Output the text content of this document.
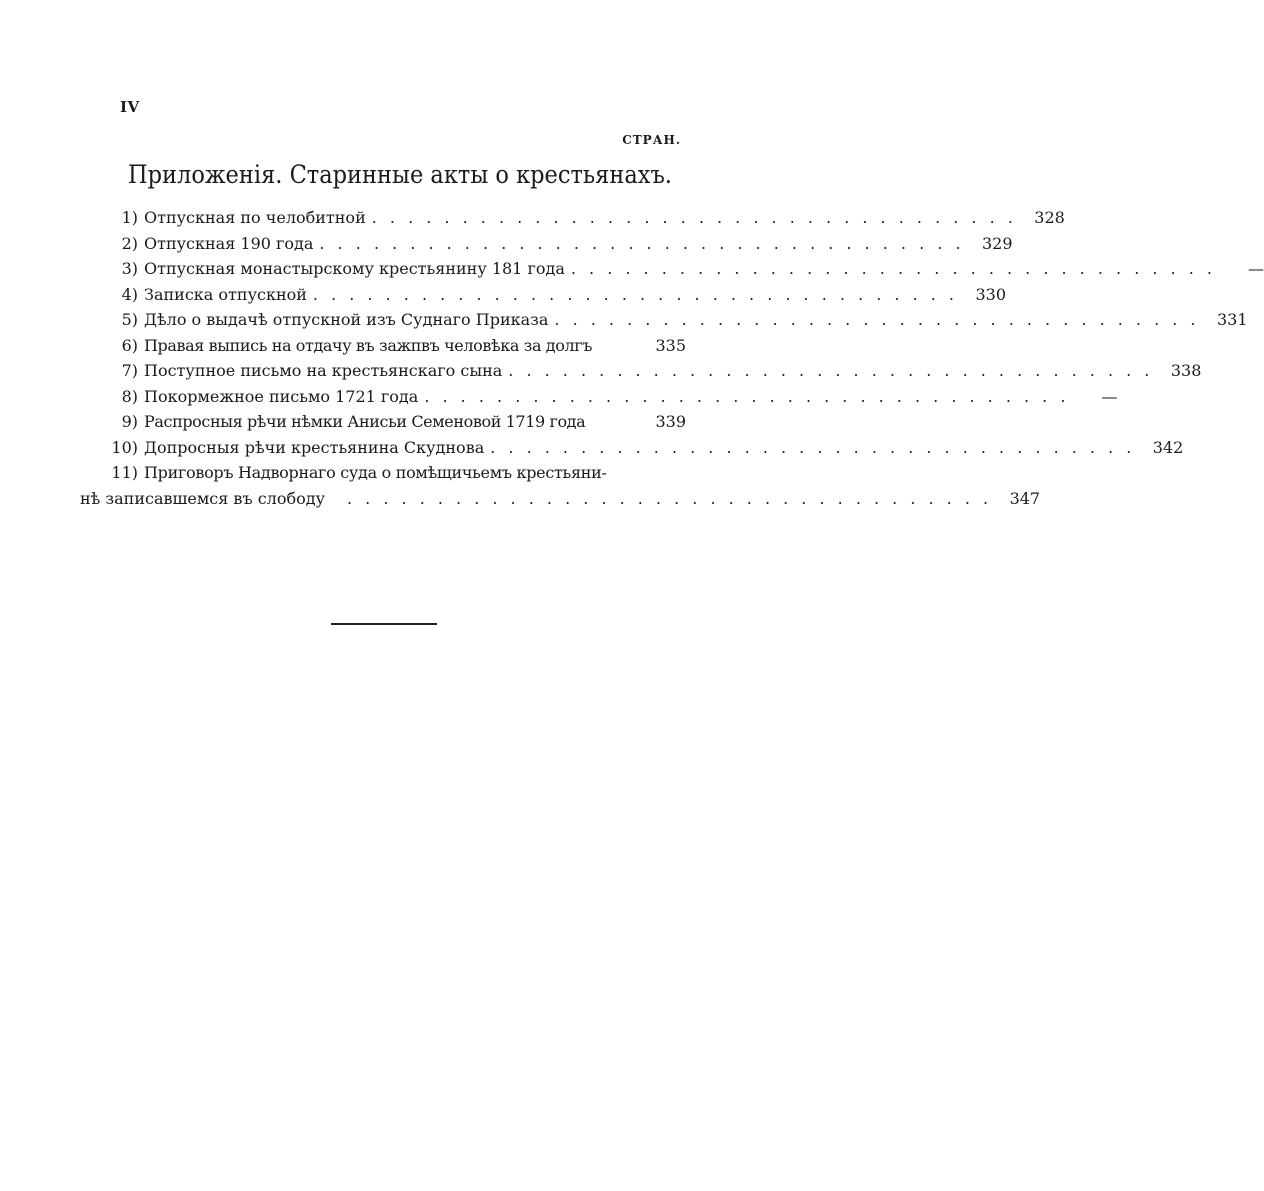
IV
СТРАН.
Приложенія. Старинные акты о крестьянахъ.
1) Отпускная по челобитной . . . . . . . . . . . . . . . . . . . . . . . . . . . . . . . . . . . .	328
2) Отпускная 190 года . . . . . . . . . . . . . . . . . . . . . . . . . . . . . . . . . . . .	329
3) Отпускная монастырскому крестьянину 181 года . . . . . . . . . . . . . . . . . . . . . . . . . . . . . . . . . . . .	—
4) Записка отпускной . . . . . . . . . . . . . . . . . . . . . . . . . . . . . . . . . . . .	330
5) Дѣло о выдачѣ отпускной изъ Суднаго Приказа . . . . . . . . . . . . . . . . . . . . . . . . . . . . . . . . . . . .	331
6) Правая выпись на отдачу въ зажпвъ человѣка за долгъ	335
7) Поступное письмо на крестьянскаго сына . . . . . . . . . . . . . . . . . . . . . . . . . . . . . . . . . . . .	338
8) Покормежное письмо 1721 года . . . . . . . . . . . . . . . . . . . . . . . . . . . . . . . . . . . .	—
9) Распросныя рѣчи нѣмки Анисьи Семеновой 1719 года	339
10) Допросныя рѣчи крестьянина Скуднова . . . . . . . . . . . . . . . . . . . . . . . . . . . . . . . . . . . .	342
11) Приговоръ Надворнаго суда о помѣщичьемъ крестьяни-
нѣ записавшемся въ слободу . . . . . . . . . . . . . . . . . . . . . . . . . . . . . . . . . . . .	347
